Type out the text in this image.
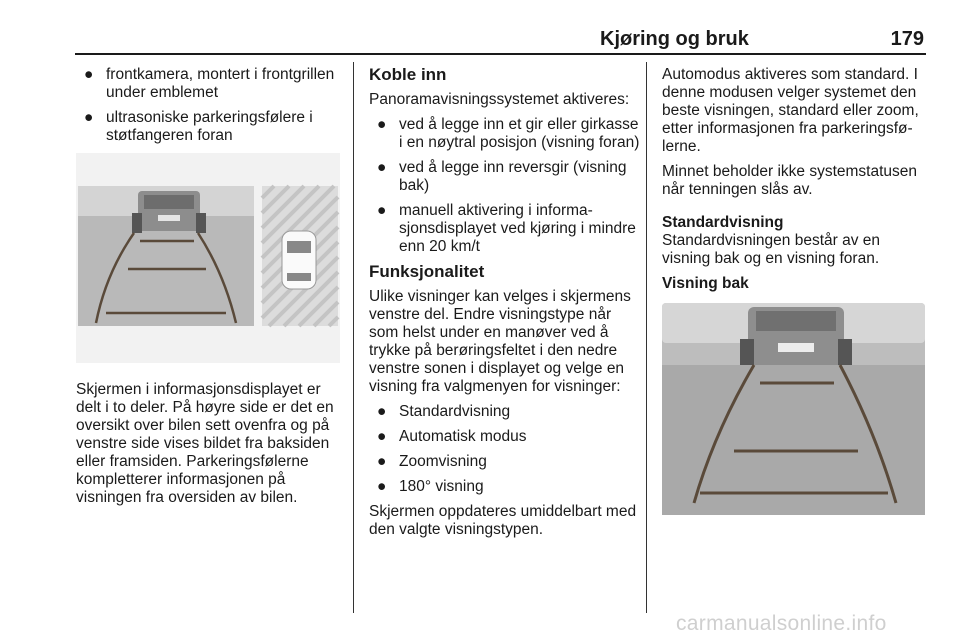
Kjøring og bruk	179
● frontkamera, montert i frontgrillen under emblemet
● ultrasoniske parkeringsfølere i støtfangeren foran

Skjermen i informasjonsdisplayet er delt i to deler. På høyre side er det en oversikt over bilen sett ovenfra og på venstre side vises bildet fra baksiden eller framsiden. Parkeringsfølerne kompletterer informasjonen på visningen fra oversiden av bilen.

Koble inn

Panoramavisningssystemet aktiveres:

● ved å legge inn et gir eller girkasse i en nøytral posisjon (visning foran)
● ved å legge inn reversgir (visning bak)
● manuell aktivering i informasjonsdisplayet ved kjøring i mindre enn 20 km/t
Funksjonalitet

Ulike visninger kan velges i skjermens venstre del. Endre visningstype når som helst under en manøver ved å trykke på berøringsfeltet i den nedre venstre sonen i displayet og velge en visning fra valgmenyen for visninger:

● Standardvisning
● Automatisk modus
● Zoomvisning
● 180° visning

Skjermen oppdateres umiddelbart med den valgte visningstypen.

Automodus aktiveres som standard. I denne modusen velger systemet den beste visningen, standard eller zoom, etter informasjonen fra parkeringsfølerne.

Minnet beholder ikke systemstatusen når tenningen slås av.

Standardvisning

Standardvisningen består av en visning bak og en visning foran.

Visning bak
carmanualsonline.info
